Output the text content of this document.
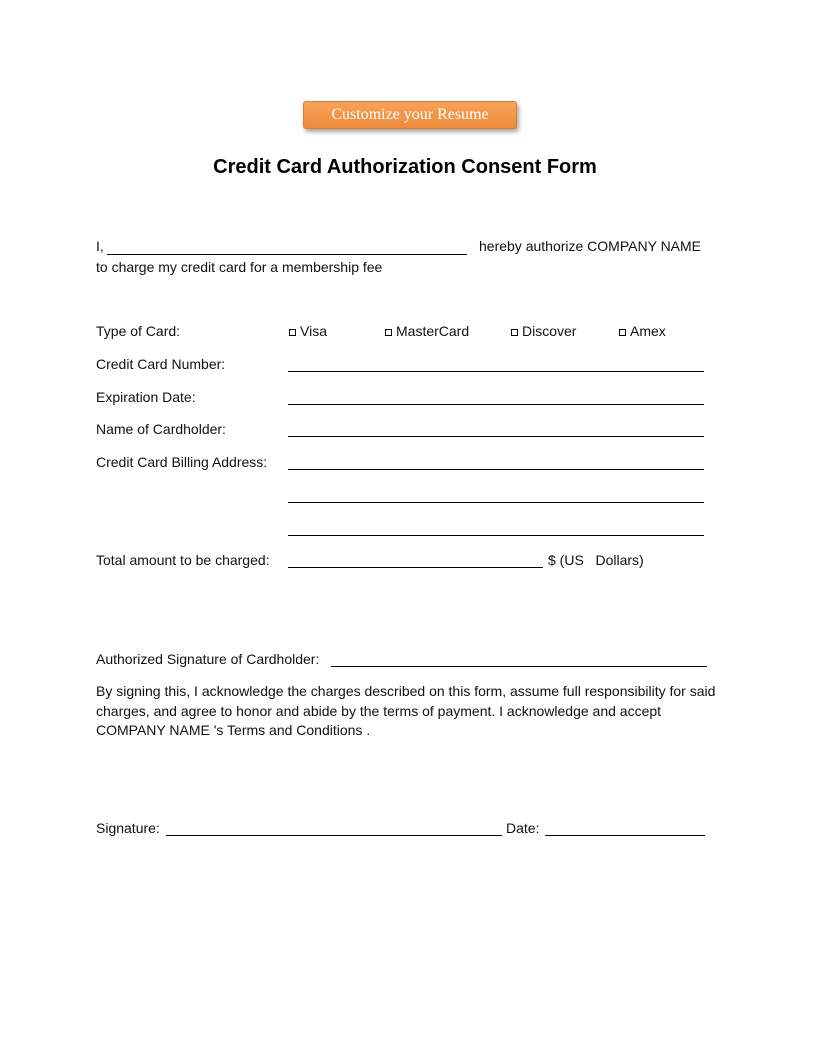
Customize your Resume
Credit Card Authorization Consent Form
I,	hereby authorize COMPANY NAME
to charge my credit card for a membership fee
Type of Card:	Visa	MasterCard	Discover	Amex
Credit Card Number:
Expiration Date:
Name of Cardholder:
Credit Card Billing Address:
Total amount to be charged:	$ (US   Dollars)
Authorized Signature of Cardholder:
By signing this, I acknowledge the charges described on this form, assume full responsibility for said charges, and agree to honor and abide by the terms of payment. I acknowledge and accept COMPANY NAME 's Terms and Conditions .
Signature:	Date:
